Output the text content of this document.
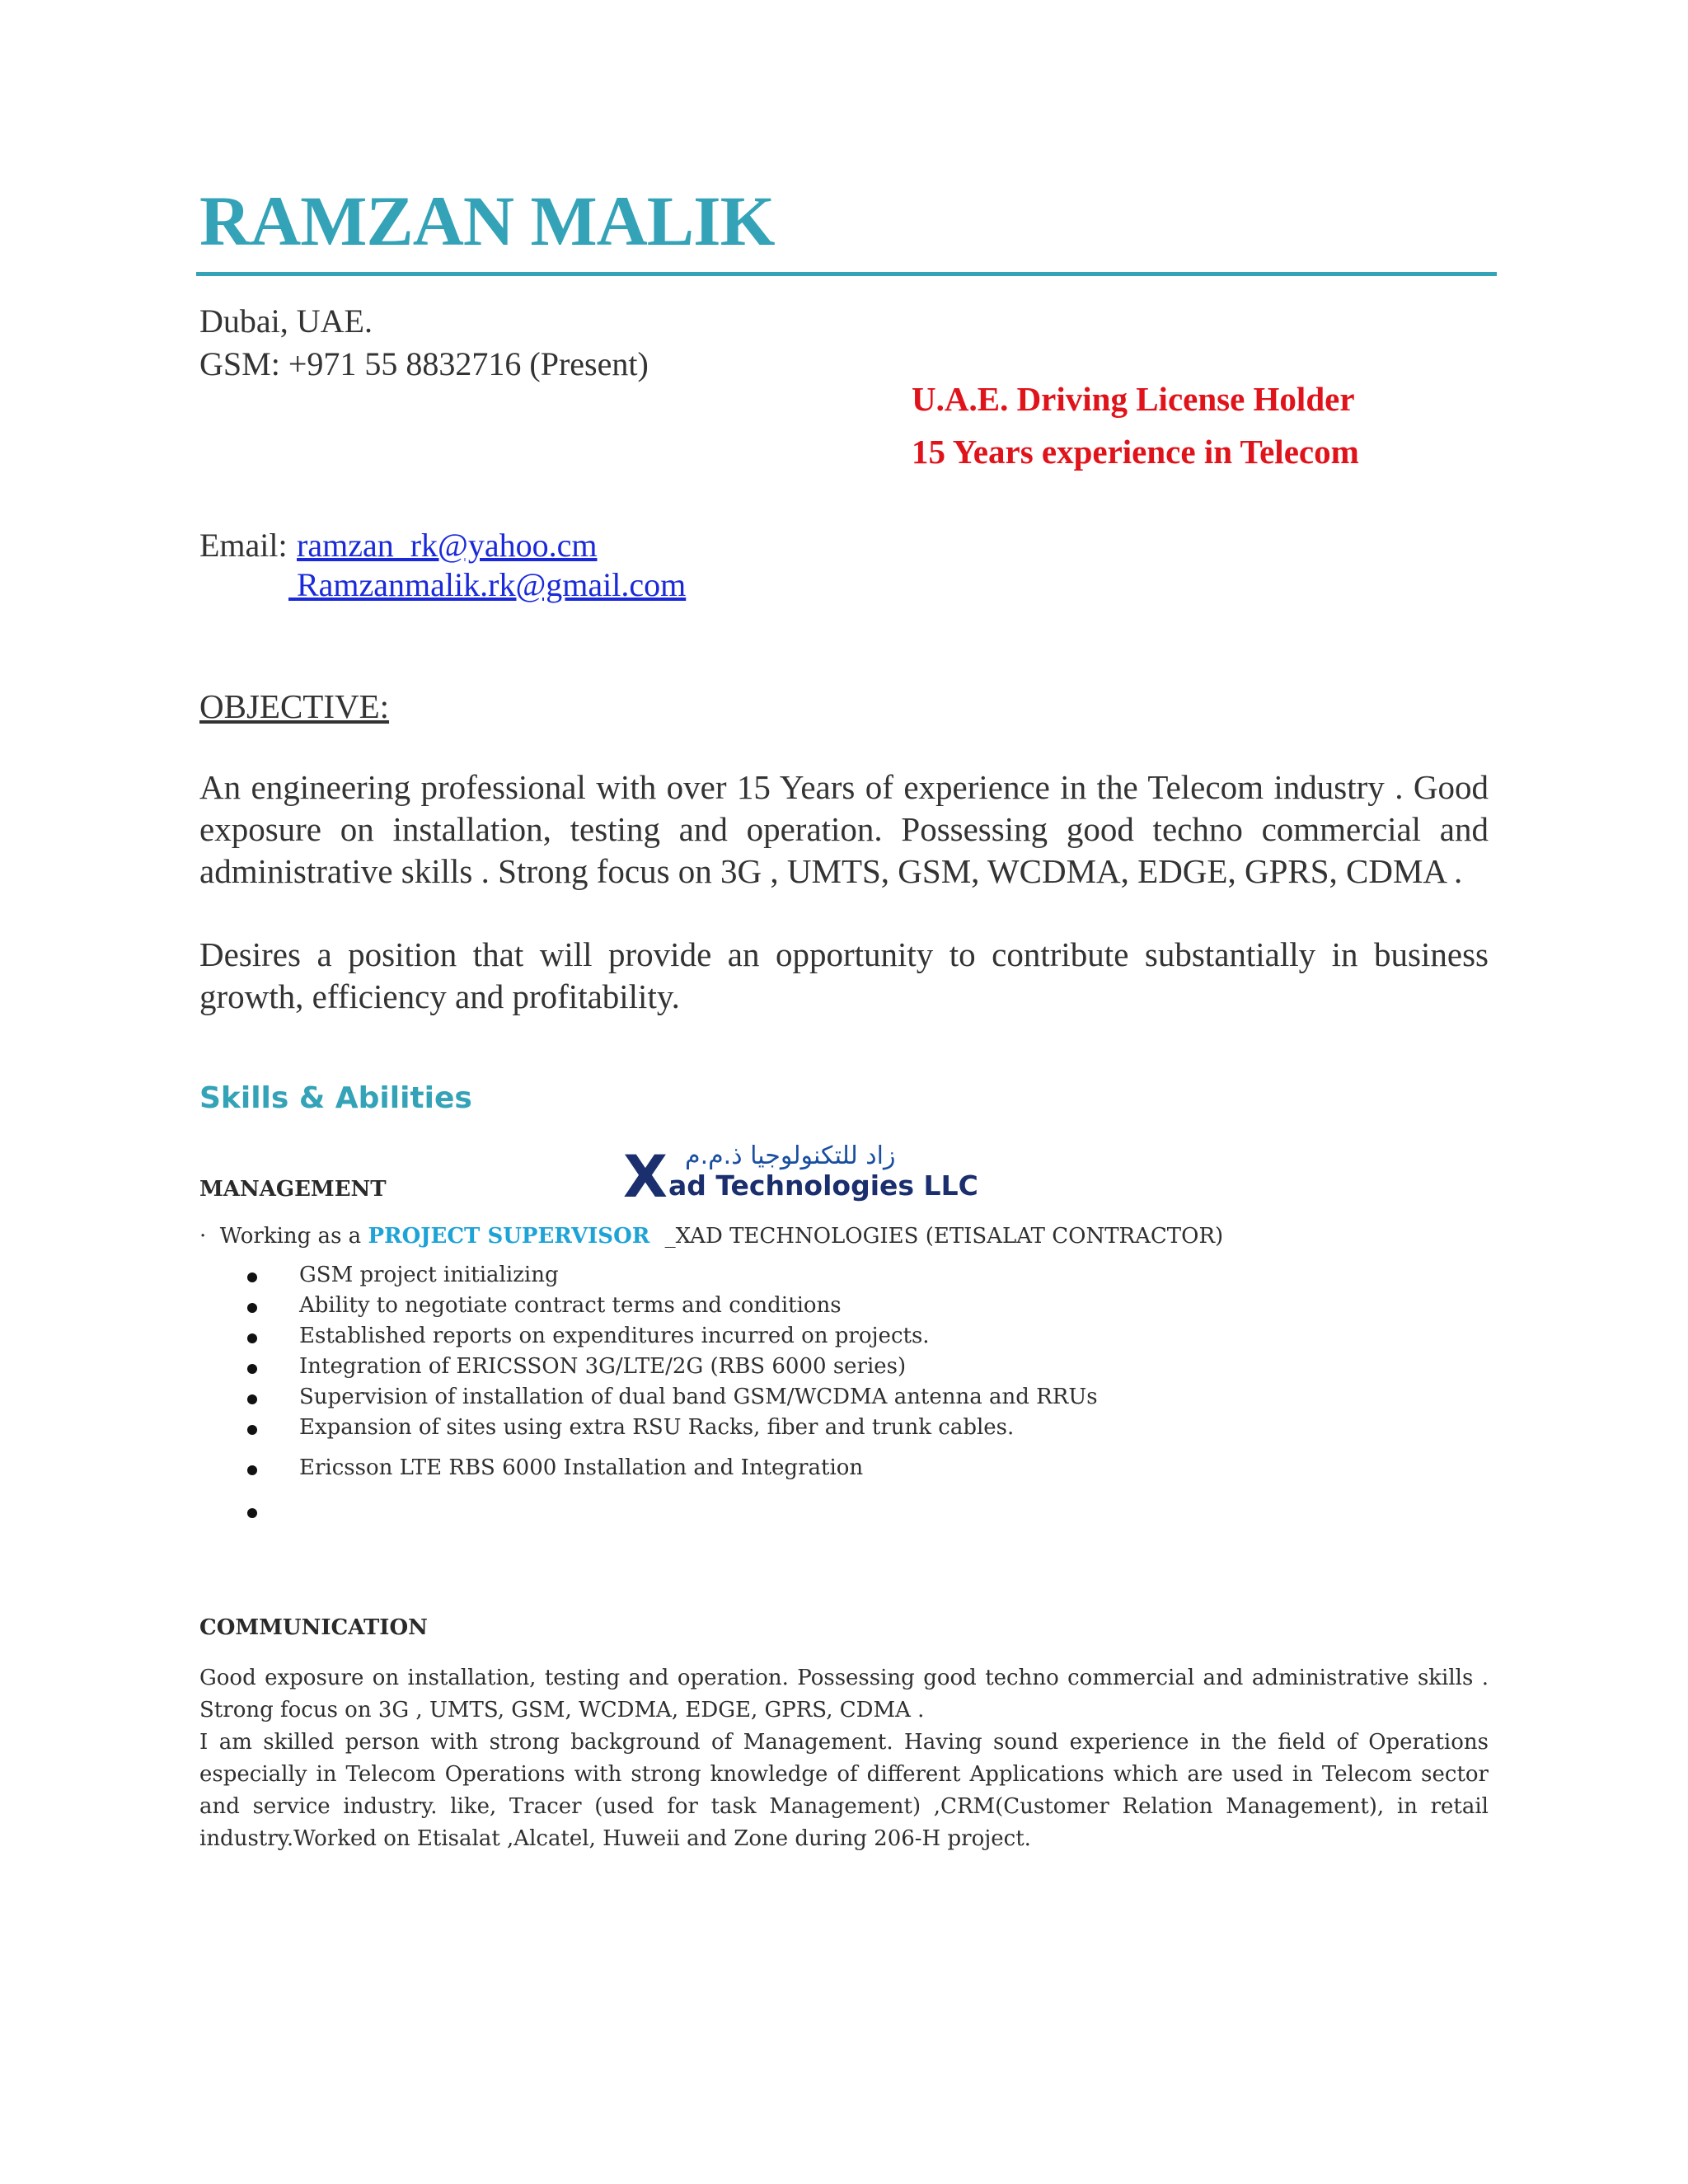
RAMZAN MALIK
Dubai, UAE.
GSM: +971 55 8832716 (Present)
U.A.E. Driving License Holder
15 Years experience in Telecom
Email: ramzan_rk@yahoo.cm
Ramzanmalik.rk@gmail.com
OBJECTIVE:
An engineering professional with over 15 Years of experience in the Telecom industry . Good exposure on installation, testing and operation. Possessing good techno commercial and administrative skills . Strong focus on 3G , UMTS, GSM, WCDMA, EDGE, GPRS, CDMA .
Desires a position that will provide an opportunity to contribute substantially in business growth, efficiency and profitability.
Skills & Abilities
زاد للتكنولوجيا ذ.م.م
X ad Technologies LLC
MANAGEMENT
·  Working as a PROJECT SUPERVISOR _XAD TECHNOLOGIES (ETISALAT CONTRACTOR)
GSM project initializing
Ability to negotiate contract terms and conditions
Established reports on expenditures incurred on projects.
Integration of ERICSSON 3G/LTE/2G (RBS 6000 series)
Supervision of installation of dual band GSM/WCDMA antenna and RRUs
Expansion of sites using extra RSU Racks, fiber and trunk cables.
Ericsson LTE RBS 6000 Installation and Integration
COMMUNICATION
Good exposure on installation, testing and operation. Possessing good techno commercial and administrative skills . Strong focus on 3G , UMTS, GSM, WCDMA, EDGE, GPRS, CDMA .
I am skilled person with strong background of Management. Having sound experience in the field of Operations especially in Telecom Operations with strong knowledge of different Applications which are used in Telecom sector and service industry. like, Tracer (used for task Management) ,CRM(Customer Relation Management), in retail industry.Worked on Etisalat ,Alcatel, Huweii and Zone during 206-H project.
